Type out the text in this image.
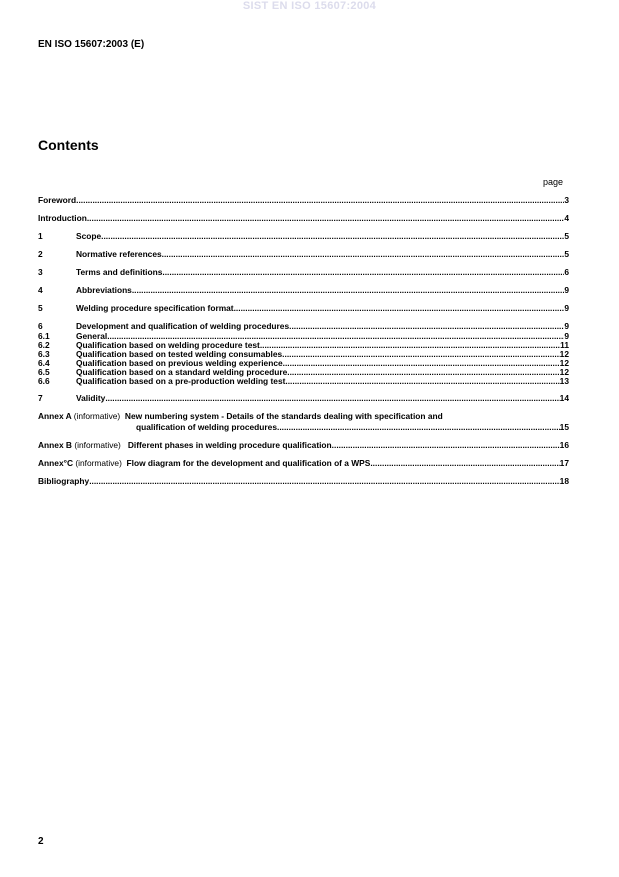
SIST EN ISO 15607:2004
EN ISO 15607:2003 (E)
Contents
page
Foreword .....	3
Introduction .....	4
1	Scope .....	5
2	Normative references .....	5
3	Terms and definitions .....	6
4	Abbreviations .....	9
5	Welding procedure specification format .....	9
6	Development and qualification of welding procedures .....	9
6.1	General .....	9
6.2	Qualification based on welding procedure test .....	11
6.3	Qualification based on tested welding consumables .....	12
6.4	Qualification based on previous welding experience .....	12
6.5	Qualification based on a standard welding procedure .....	12
6.6	Qualification based on a pre-production welding test .....	13
7	Validity .....	14
Annex A (informative) New numbering system - Details of the standards dealing with specification and
qualification of welding procedures .....	15
Annex B (informative) Different phases in welding procedure qualification .....	16
Annex°C (informative) Flow diagram for the development and qualification of a WPS .....	17
Bibliography .....	18
2
